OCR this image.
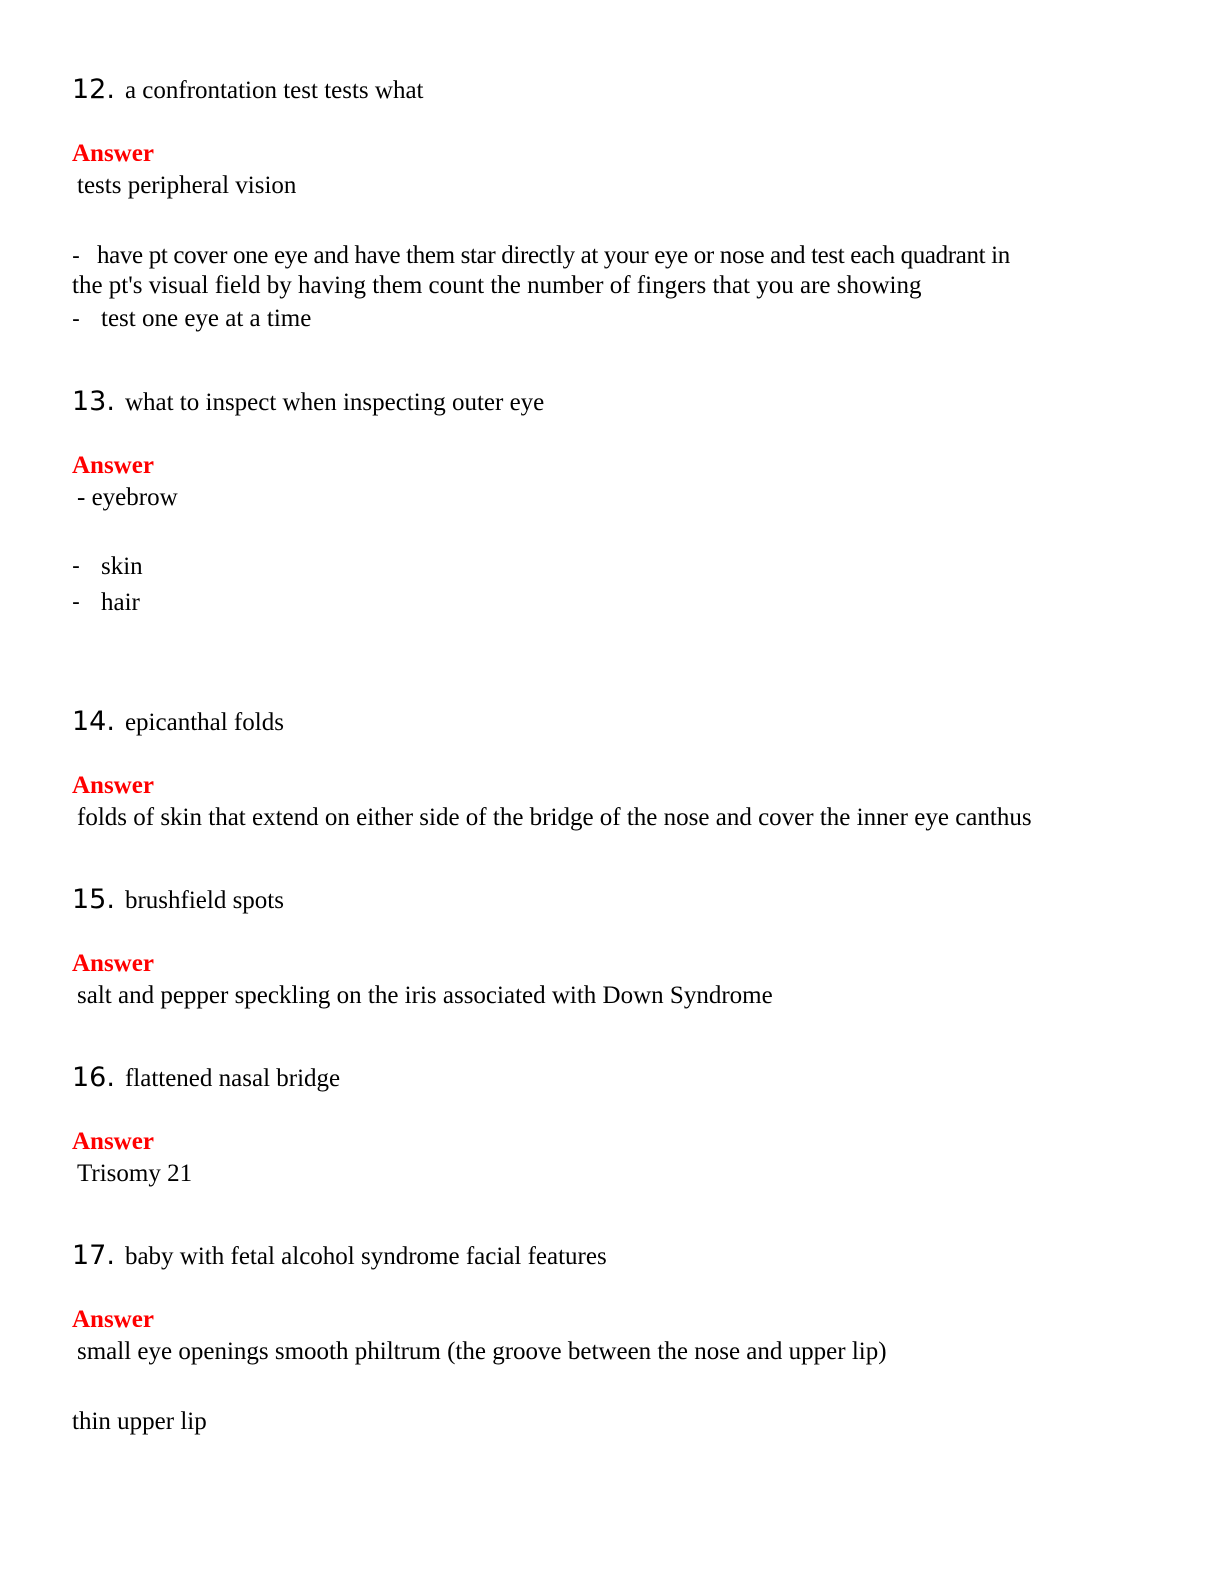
12. a confrontation test tests what
Answer
tests peripheral vision
- have pt cover one eye and have them star directly at your eye or nose and test each quadrant in
the pt's visual field by having them count the number of fingers that you are showing
- test one eye at a time
13. what to inspect when inspecting outer eye
Answer
- eyebrow
- skin
- hair
14. epicanthal folds
Answer
folds of skin that extend on either side of the bridge of the nose and cover the inner eye canthus
15. brushfield spots
Answer
salt and pepper speckling on the iris associated with Down Syndrome
16. flattened nasal bridge
Answer
Trisomy 21
17. baby with fetal alcohol syndrome facial features
Answer
small eye openings smooth philtrum (the groove between the nose and upper lip)
thin upper lip
